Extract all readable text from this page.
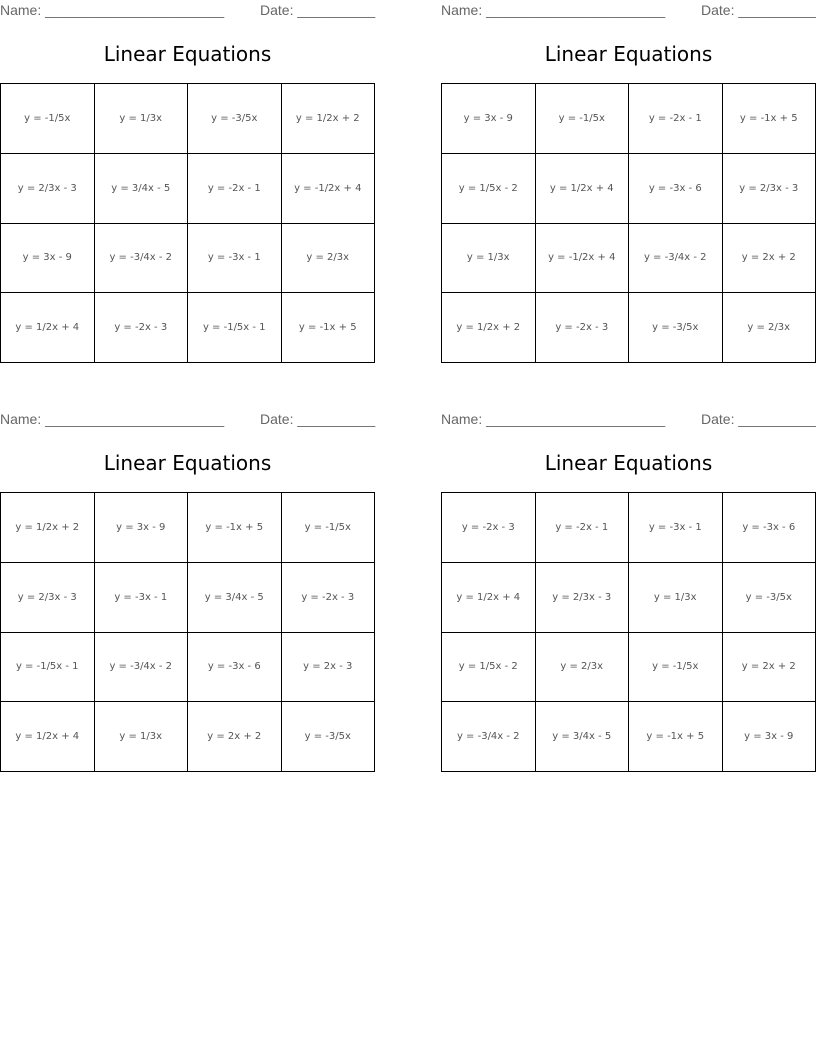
Name: _______________________	Date: __________
Linear Equations
y = -1/5x	y = 1/3x	y = -3/5x	y = 1/2x + 2
y = 2/3x - 3	y = 3/4x - 5	y = -2x - 1	y = -1/2x + 4
y = 3x - 9	y = -3/4x - 2	y = -3x - 1	y = 2/3x
y = 1/2x + 4	y = -2x - 3	y = -1/5x - 1	y = -1x + 5
Name: _______________________	Date: __________
Linear Equations
y = 3x - 9	y = -1/5x	y = -2x - 1	y = -1x + 5
y = 1/5x - 2	y = 1/2x + 4	y = -3x - 6	y = 2/3x - 3
y = 1/3x	y = -1/2x + 4	y = -3/4x - 2	y = 2x + 2
y = 1/2x + 2	y = -2x - 3	y = -3/5x	y = 2/3x
Name: _______________________	Date: __________
Linear Equations
y = 1/2x + 2	y = 3x - 9	y = -1x + 5	y = -1/5x
y = 2/3x - 3	y = -3x - 1	y = 3/4x - 5	y = -2x - 3
y = -1/5x - 1	y = -3/4x - 2	y = -3x - 6	y = 2x - 3
y = 1/2x + 4	y = 1/3x	y = 2x + 2	y = -3/5x
Name: _______________________	Date: __________
Linear Equations
y = -2x - 3	y = -2x - 1	y = -3x - 1	y = -3x - 6
y = 1/2x + 4	y = 2/3x - 3	y = 1/3x	y = -3/5x
y = 1/5x - 2	y = 2/3x	y = -1/5x	y = 2x + 2
y = -3/4x - 2	y = 3/4x - 5	y = -1x + 5	y = 3x - 9
